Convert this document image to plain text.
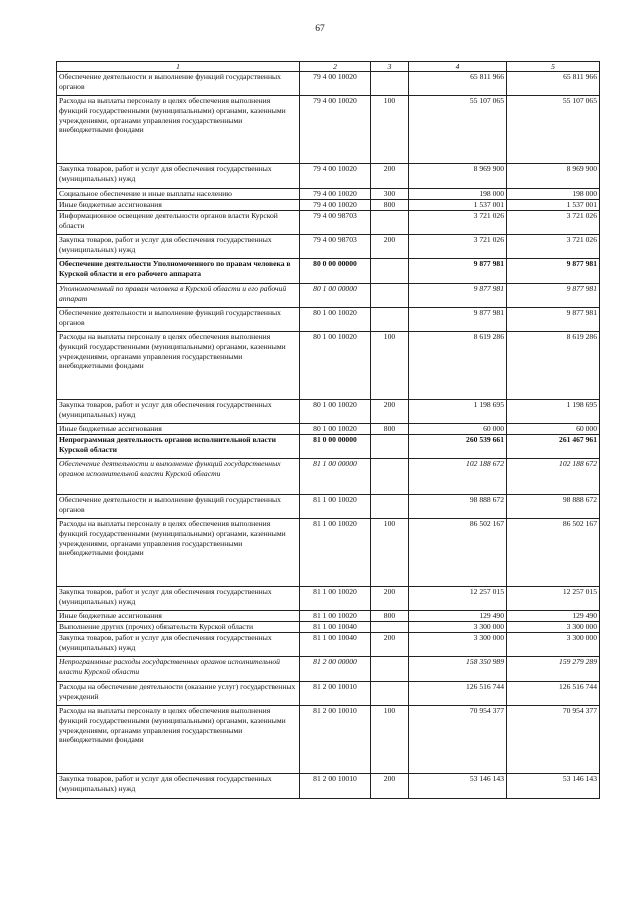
67
1	2	3	4	5
Обеспечение деятельности и выполнение функций государственных органов	79 4 00 10020		65 811 966	65 811 966
Расходы на выплаты персоналу в целях обеспечения выполнения функций государственными (муниципальными) органами, казенными учреждениями, органами управления государственными внебюджетными фондами	79 4 00 10020	100	55 107 065	55 107 065
Закупка товаров, работ и услуг для обеспечения государственных (муниципальных) нужд	79 4 00 10020	200	8 969 900	8 969 900
Социальное обеспечение и иные выплаты населению	79 4 00 10020	300	198 000	198 000
Иные бюджетные ассигнования	79 4 00 10020	800	1 537 001	1 537 001
Информационное освещение деятельности органов власти Курской области	79 4 00 98703		3 721 026	3 721 026
Закупка товаров, работ и услуг для обеспечения государственных (муниципальных) нужд	79 4 00 98703	200	3 721 026	3 721 026
Обеспечение деятельности Уполномоченного по правам человека в Курской области и его рабочего аппарата	80 0 00 00000		9 877 981	9 877 981
Уполномоченный по правам человека в Курской области и его рабочий аппарат	80 1 00 00000		9 877 981	9 877 981
Обеспечение деятельности и выполнение функций государственных органов	80 1 00 10020		9 877 981	9 877 981
Расходы на выплаты персоналу в целях обеспечения выполнения функций государственными (муниципальными) органами, казенными учреждениями, органами управления государственными внебюджетными фондами	80 1 00 10020	100	8 619 286	8 619 286
Закупка товаров, работ и услуг для обеспечения государственных (муниципальных) нужд	80 1 00 10020	200	1 198 695	1 198 695
Иные бюджетные ассигнования	80 1 00 10020	800	60 000	60 000
Непрограммная деятельность органов исполнительной власти Курской области	81 0 00 00000		260 539 661	261 467 961
Обеспечение деятельности и выполнение функций государственных органов исполнительной власти Курской области	81 1 00 00000		102 188 672	102 188 672
Обеспечение деятельности и выполнение функций государственных органов	81 1 00 10020		98 888 672	98 888 672
Расходы на выплаты персоналу в целях обеспечения выполнения функций государственными (муниципальными) органами, казенными учреждениями, органами управления государственными внебюджетными фондами	81 1 00 10020	100	86 502 167	86 502 167
Закупка товаров, работ и услуг для обеспечения государственных (муниципальных) нужд	81 1 00 10020	200	12 257 015	12 257 015
Иные бюджетные ассигнования	81 1 00 10020	800	129 490	129 490
Выполнение других (прочих) обязательств Курской области	81 1 00 10040		3 300 000	3 300 000
Закупка товаров, работ и услуг для обеспечения государственных (муниципальных) нужд	81 1 00 10040	200	3 300 000	3 300 000
Непрограммные расходы государственных органов исполнительной власти Курской области	81 2 00 00000		158 350 989	159 279 289
Расходы на обеспечение деятельности (оказание услуг) государственных учреждений	81 2 00 10010		126 516 744	126 516 744
Расходы на выплаты персоналу в целях обеспечения выполнения функций государственными (муниципальными) органами, казенными учреждениями, органами управления государственными внебюджетными фондами	81 2 00 10010	100	70 954 377	70 954 377
Закупка товаров, работ и услуг для обеспечения государственных (муниципальных) нужд	81 2 00 10010	200	53 146 143	53 146 143
